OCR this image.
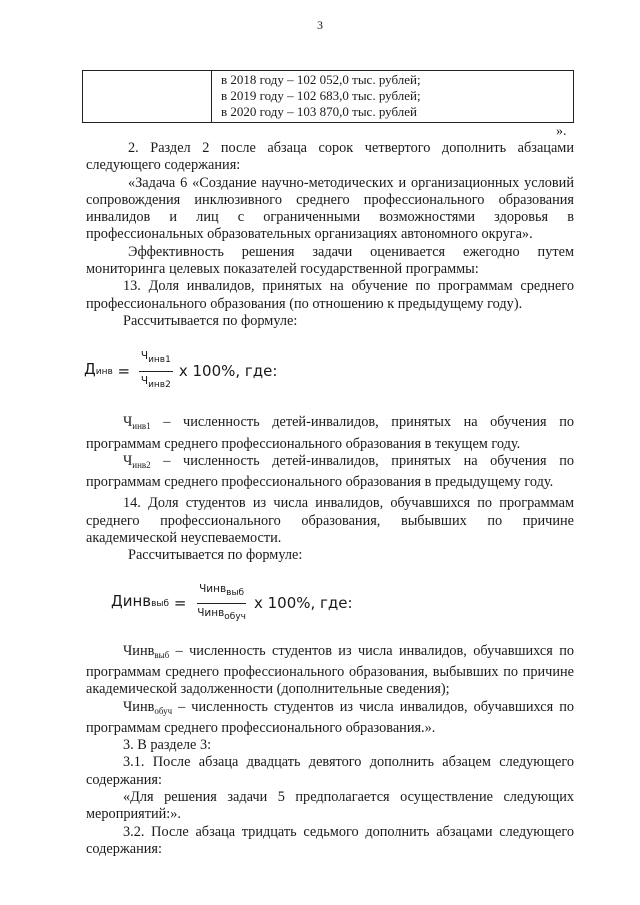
3

в 2018 году – 102 052,0 тыс. рублей;
в 2019 году – 102 683,0 тыс. рублей;
в 2020 году – 103 870,0 тыс. рублей
».

2. Раздел 2 после абзаца сорок четвертого дополнить абзацами следующего содержания:

«Задача 6 «Создание научно-методических и организационных условий сопровождения инклюзивного среднего профессионального образования инвалидов и лиц с ограниченными возможностями здоровья в профессиональных образовательных организациях автономного округа».

Эффективность решения задачи оценивается ежегодно путем мониторинга целевых показателей государственной программы:

13. Доля инвалидов, принятых на обучение по программам среднего профессионального образования (по отношению к предыдущему году).

Рассчитывается по формуле:

Д инв = $\frac{\text{Чинв1}}{\text{Чинв2}}$ x 100%, где:

$Ч_{инв1}$ – численность детей-инвалидов, принятых на обучения по программам среднего профессионального образования в текущем году.

$Ч_{инв2}$ – численность детей-инвалидов, принятых на обучения по программам среднего профессионального образования в предыдущему году.

14. Доля студентов из числа инвалидов, обучавшихся по программам среднего профессионального образования, выбывших по причине академической неуспеваемости.

Рассчитывается по формуле:

Динв выб = $\frac{\text{Чинввыб}}{\text{Чинвобуч}}$ x 100%, где:

Чинв$_{выб}$ – численность студентов из числа инвалидов, обучавшихся по программам среднего профессионального образования, выбывших по причине академической задолженности (дополнительные сведения);

Чинв$_{обуч}$ – численность студентов из числа инвалидов, обучавшихся по программам среднего профессионального образования.».

3. В разделе 3:

3.1. После абзаца двадцать девятого дополнить абзацем следующего содержания:

«Для решения задачи 5 предполагается осуществление следующих мероприятий:».

3.2. После абзаца тридцать седьмого дополнить абзацами следующего содержания:
